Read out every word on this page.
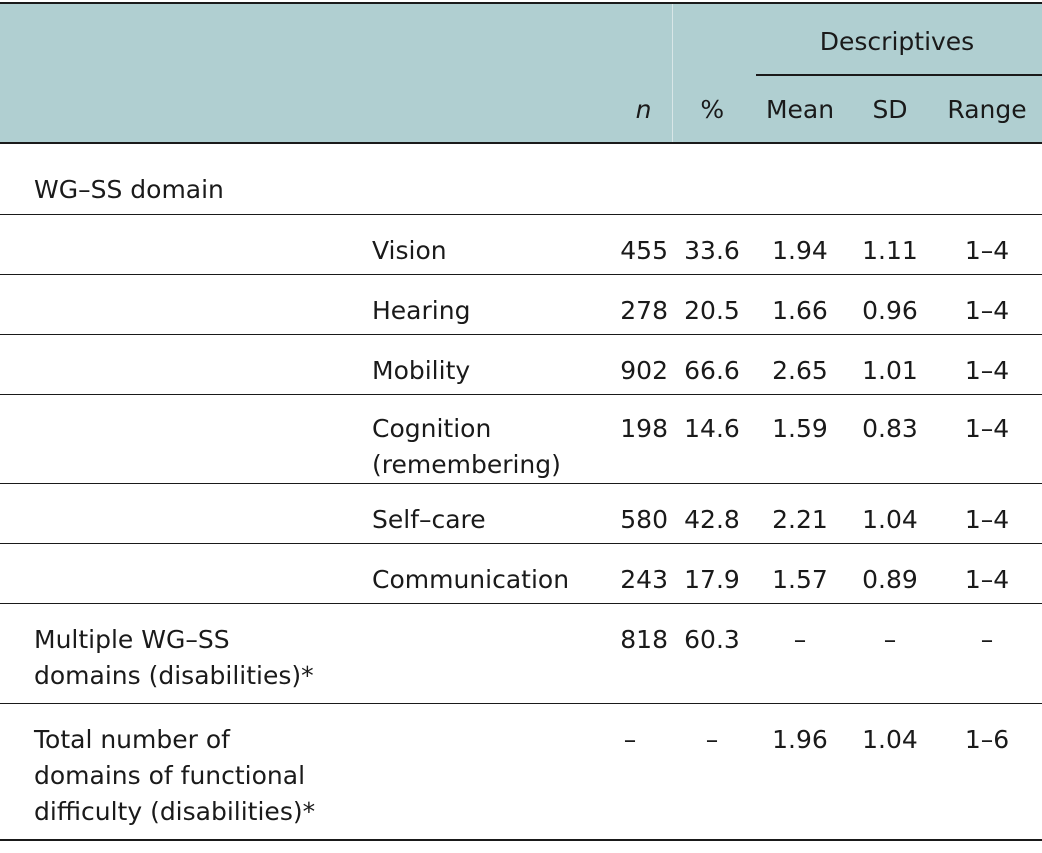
				Descriptives		

		n	%	Mean	SD	Range
WG–SS domain						
	Vision	455	33.6	1.94	1.11	1–4
	Hearing	278	20.5	1.66	0.96	1–4
	Mobility	902	66.6	2.65	1.01	1–4

	Cognition
(remembering)	198	14.6	1.59	0.83	1–4
	Self–care	580	42.8	2.21	1.04	1–4
	Communication	243	17.9	1.57	0.89	1–4

Multiple WG–SS
domains (disabilities)*		818	60.3	–	–	–

Total number of
domains of functional
difficulty (disabilities)*		–	–	1.96	1.04	1–6
